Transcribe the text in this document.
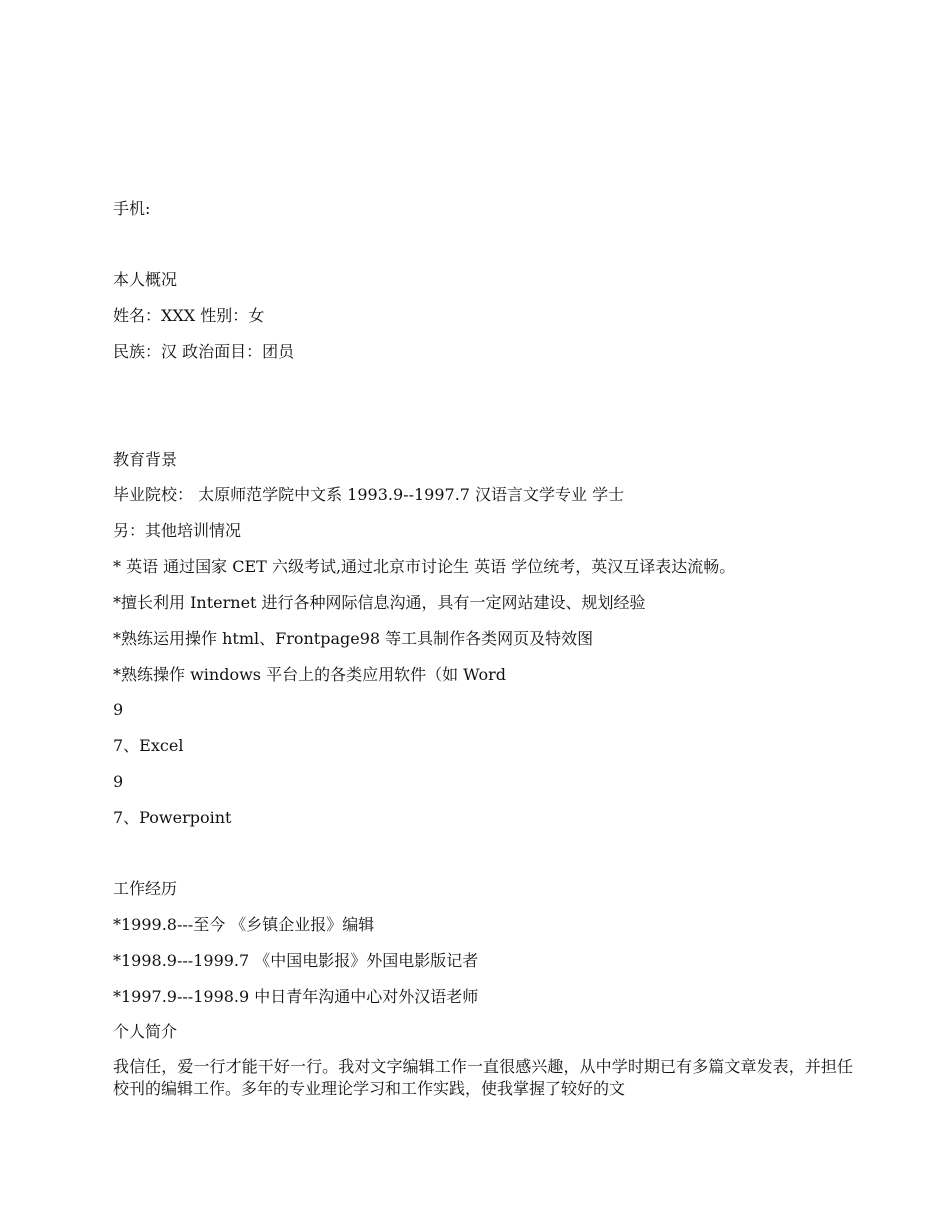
手机:

本人概况

姓名：XXX 性别：女

民族：汉 政治面目：团员

教育背景

毕业院校： 太原师范学院中文系 1993.9--1997.7 汉语言文学专业 学士

另：其他培训情况

* 英语 通过国家 CET 六级考试,通过北京市讨论生 英语 学位统考，英汉互译表达流畅。

*擅长利用 Internet 进行各种网际信息沟通，具有一定网站建设、规划经验

*熟练运用操作 html、Frontpage98 等工具制作各类网页及特效图

*熟练操作 windows 平台上的各类应用软件（如 Word

9

7、Excel

9

7、Powerpoint

工作经历

*1999.8---至今 《乡镇企业报》编辑

*1998.9---1999.7 《中国电影报》外国电影版记者

*1997.9---1998.9 中日青年沟通中心对外汉语老师

个人简介

我信任，爱一行才能干好一行。我对文字编辑工作一直很感兴趣，从中学时期已有多篇文章发表，并担任校刊的编辑工作。多年的专业理论学习和工作实践，使我掌握了较好的文
